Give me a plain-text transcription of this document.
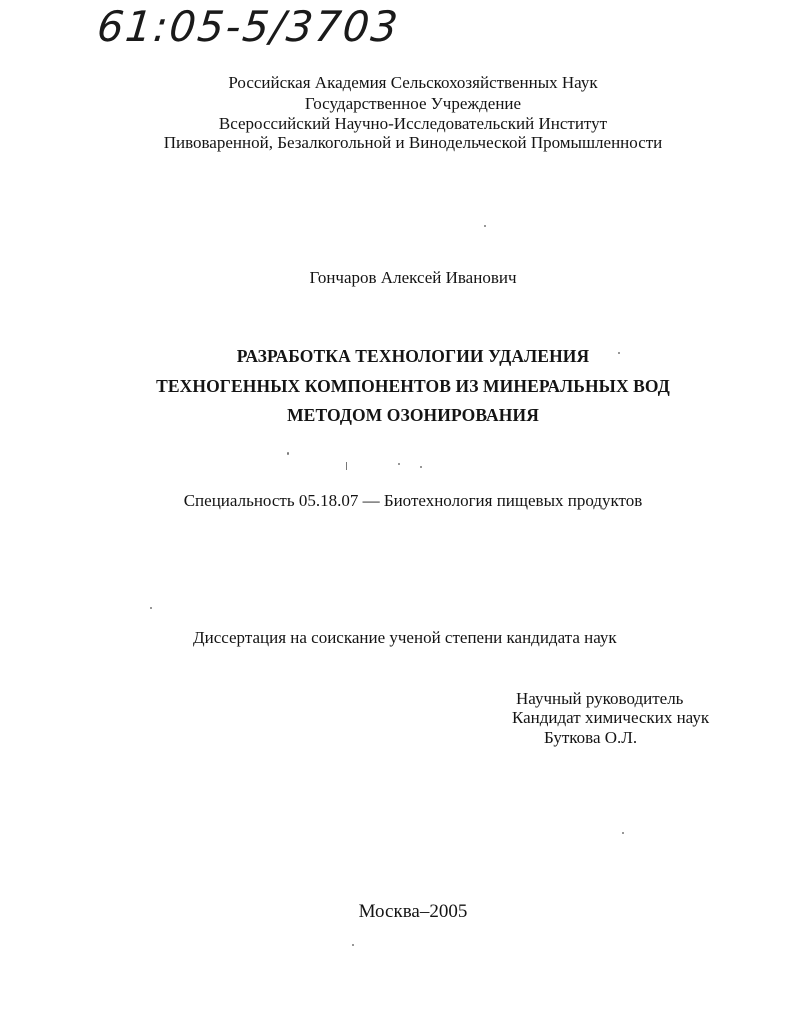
61:05-5/3703
Российская Академия Сельскохозяйственных Наук
Государственное Учреждение
Всероссийский Научно-Исследовательский Институт
Пивоваренной, Безалкогольной и Винодельческой Промышленности
Гончаров Алексей Иванович
РАЗРАБОТКА ТЕХНОЛОГИИ УДАЛЕНИЯ
ТЕХНОГЕННЫХ КОМПОНЕНТОВ ИЗ МИНЕРАЛЬНЫХ ВОД
МЕТОДОМ ОЗОНИРОВАНИЯ
Специальность 05.18.07 — Биотехнология пищевых продуктов
Диссертация на соискание ученой степени кандидата наук
Научный руководитель
Кандидат химических наук
Буткова О.Л.
Москва–2005
